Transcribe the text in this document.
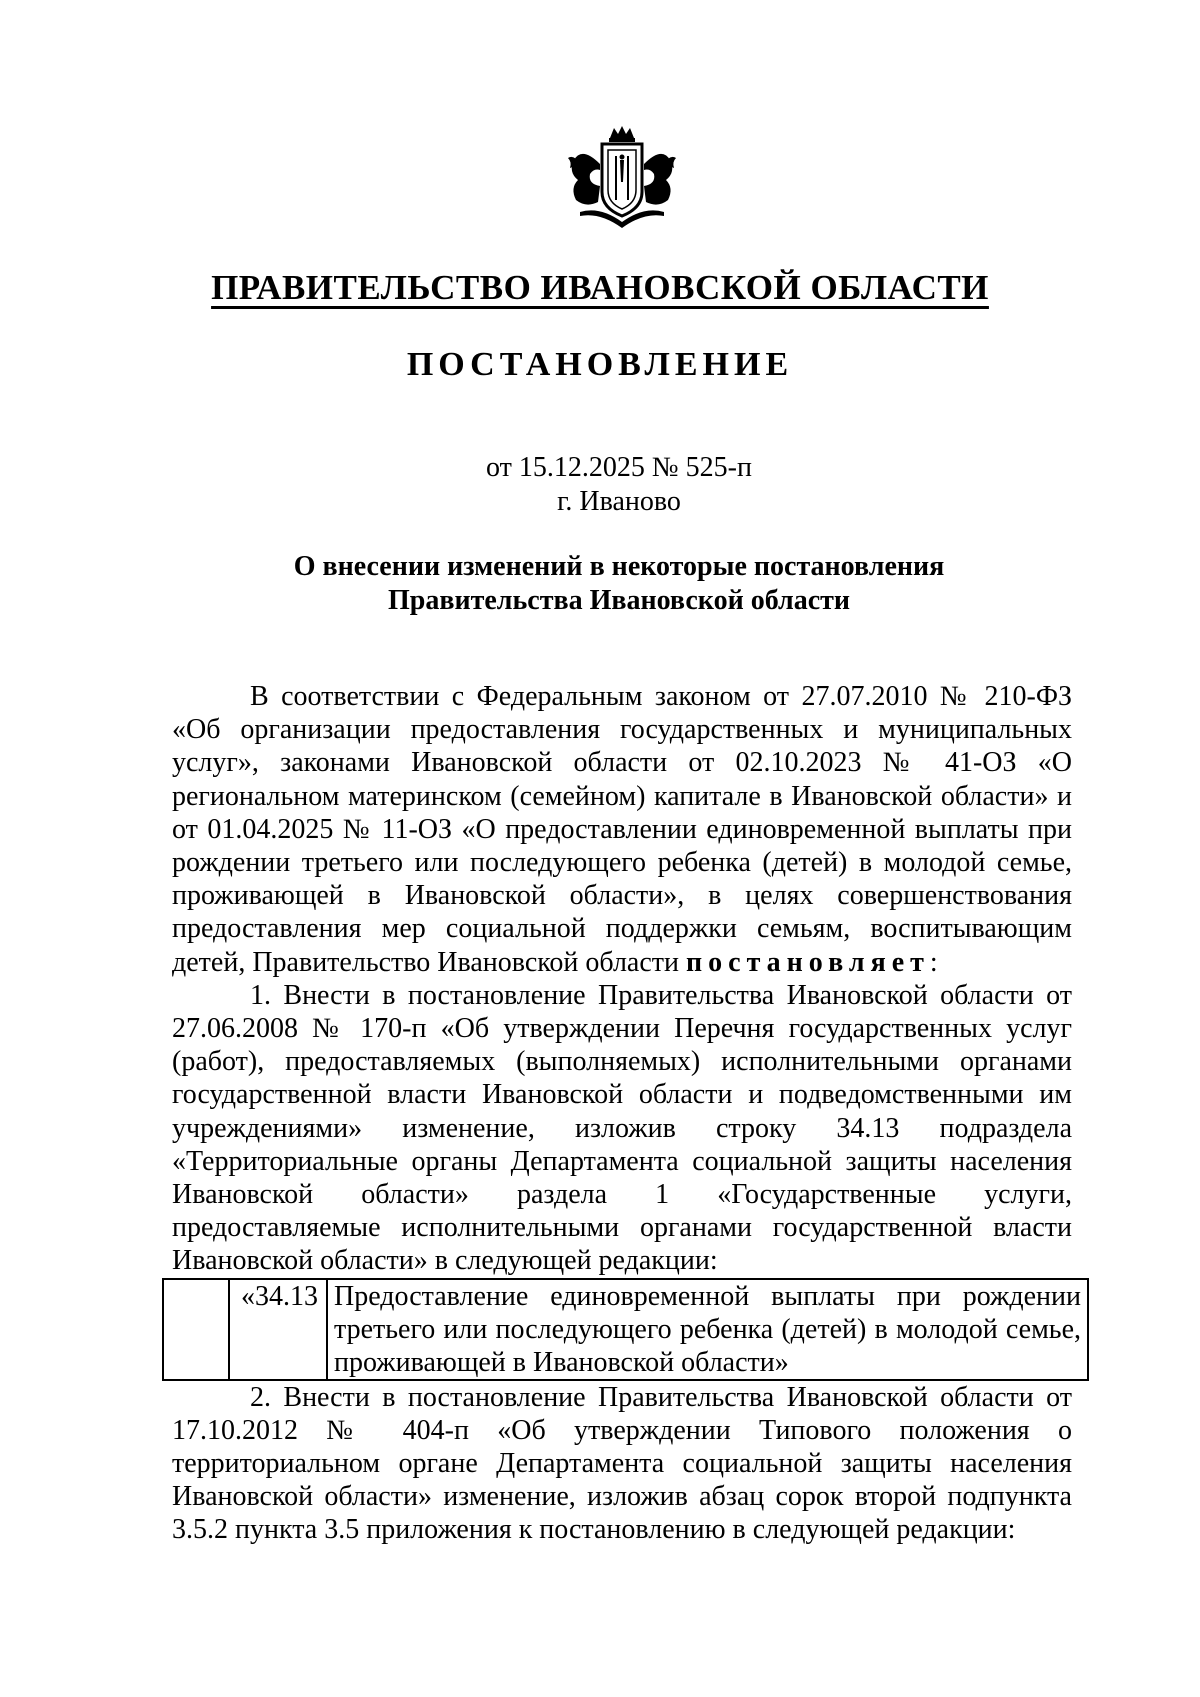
ПРАВИТЕЛЬСТВО ИВАНОВСКОЙ ОБЛАСТИ
ПОСТАНОВЛЕНИЕ
от 15.12.2025 № 525-п
г. Иваново
О внесении изменений в некоторые постановления
Правительства Ивановской области

В соответствии с Федеральным законом от 27.07.2010 № 210-ФЗ «Об организации предоставления государственных и муниципальных услуг», законами Ивановской области от 02.10.2023 № 41-ОЗ «О региональном материнском (семейном) капитале в Ивановской области» и от 01.04.2025 № 11-ОЗ «О предоставлении единовременной выплаты при рождении третьего или последующего ребенка (детей) в молодой семье, проживающей в Ивановской области», в целях совершенствования предоставления мер социальной поддержки семьям, воспитывающим детей, Правительство Ивановской области постановляет:

1. Внести в постановление Правительства Ивановской области от 27.06.2008 № 170-п «Об утверждении Перечня государственных услуг (работ), предоставляемых (выполняемых) исполнительными органами государственной власти Ивановской области и подведомственными им учреждениями» изменение, изложив строку 34.13 подраздела «Территориальные органы Департамента социальной защиты населения Ивановской области» раздела 1 «Государственные услуги, предоставляемые исполнительными органами государственной власти Ивановской области» в следующей редакции:

	«34.13	Предоставление единовременной выплаты при рождении третьего или последующего ребенка (детей) в молодой семье, проживающей в Ивановской области»

2. Внести в постановление Правительства Ивановской области от 17.10.2012 № 404-п «Об утверждении Типового положения о территориальном органе Департамента социальной защиты населения Ивановской области» изменение, изложив абзац сорок второй подпункта 3.5.2 пункта 3.5 приложения к постановлению в следующей редакции:
